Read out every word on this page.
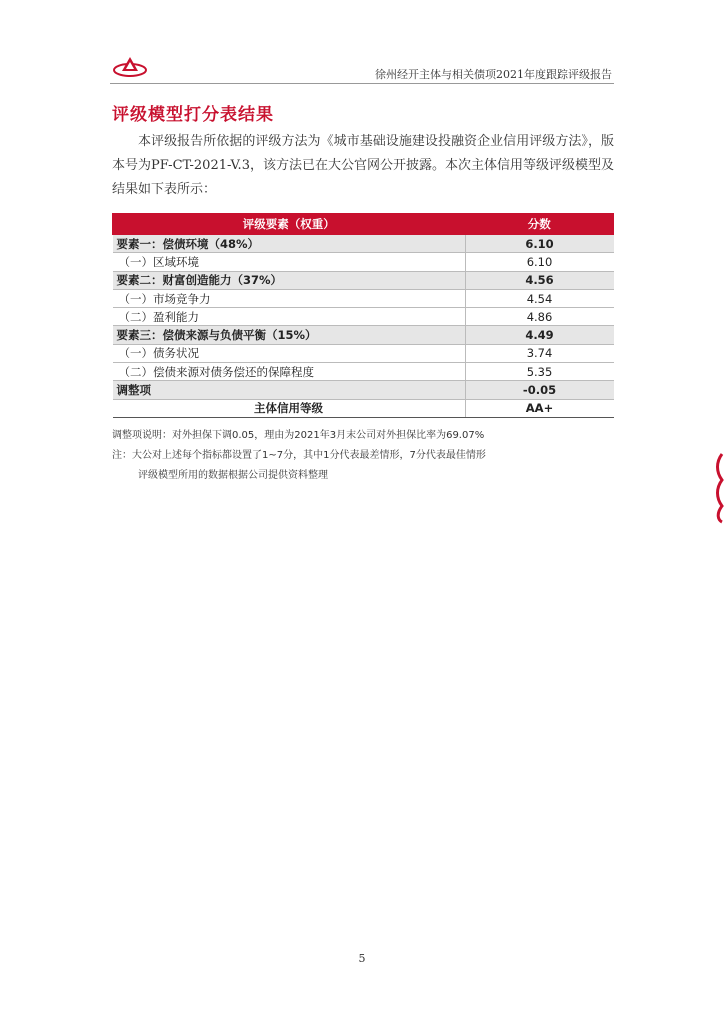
徐州经开主体与相关债项2021年度跟踪评级报告
评级模型打分表结果
本评级报告所依据的评级方法为《城市基础设施建设投融资企业信用评级方法》，版本号为PF-CT-2021-V.3，该方法已在大公官网公开披露。本次主体信用等级评级模型及结果如下表所示：
评级要素（权重）	分数
要素一：偿债环境（48%）	6.10
（一）区域环境	6.10
要素二：财富创造能力（37%）	4.56
（一）市场竞争力	4.54
（二）盈利能力	4.86
要素三：偿债来源与负债平衡（15%）	4.49
（一）债务状况	3.74
（二）偿债来源对债务偿还的保障程度	5.35
调整项	-0.05
主体信用等级	AA+
调整项说明：对外担保下调0.05，理由为2021年3月末公司对外担保比率为69.07%
注：大公对上述每个指标都设置了1~7分，其中1分代表最差情形，7分代表最佳情形
评级模型所用的数据根据公司提供资料整理
5
